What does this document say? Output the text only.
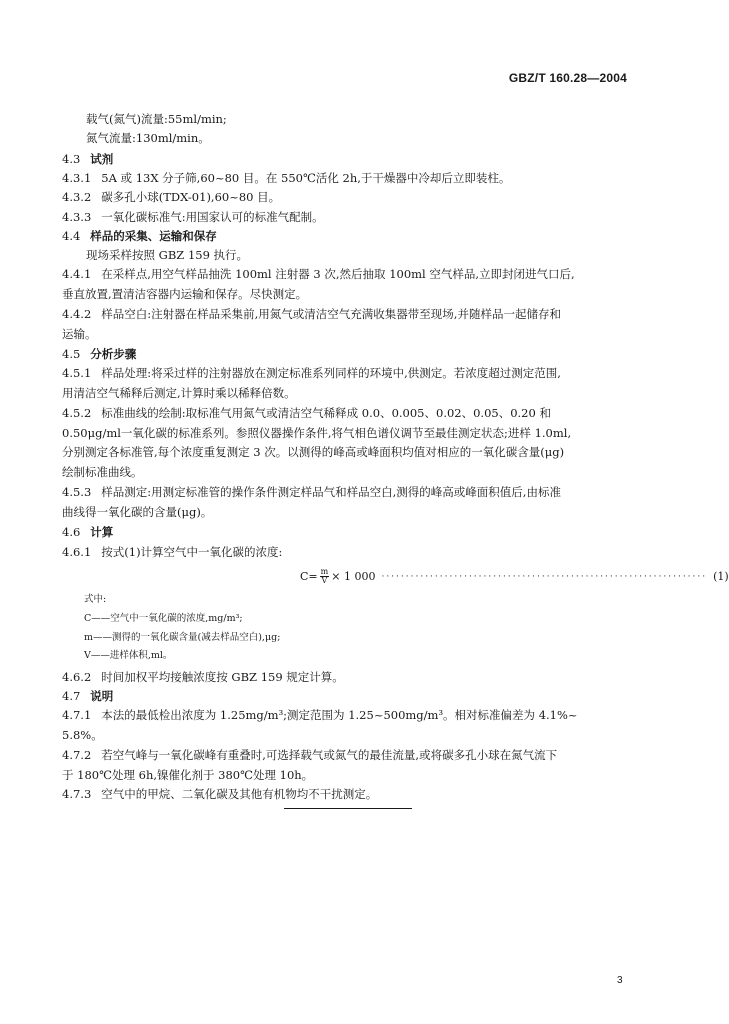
GBZ/T 160.28—2004
载气(氮气)流量:55ml/min;
氮气流量:130ml/min。
4.3 试剂
4.3.1 5A 或 13X 分子筛,60~80 目。在 550℃活化 2h,于干燥器中冷却后立即装柱。
4.3.2 碳多孔小球(TDX-01),60~80 目。
4.3.3 一氧化碳标准气:用国家认可的标准气配制。
4.4 样品的采集、运输和保存
现场采样按照 GBZ 159 执行。
4.4.1 在采样点,用空气样品抽洗 100ml 注射器 3 次,然后抽取 100ml 空气样品,立即封闭进气口后,
垂直放置,置清洁容器内运输和保存。尽快测定。
4.4.2 样品空白:注射器在样品采集前,用氮气或清洁空气充满收集器带至现场,并随样品一起储存和
运输。
4.5 分析步骤
4.5.1 样品处理:将采过样的注射器放在测定标准系列同样的环境中,供测定。若浓度超过测定范围,
用清洁空气稀释后测定,计算时乘以稀释倍数。
4.5.2 标准曲线的绘制:取标准气用氮气或清洁空气稀释成 0.0、0.005、0.02、0.05、0.20 和
0.50μg/ml一氧化碳的标准系列。参照仪器操作条件,将气相色谱仪调节至最佳测定状态;进样 1.0ml,
分别测定各标准管,每个浓度重复测定 3 次。以测得的峰高或峰面积均值对相应的一氧化碳含量(μg)
绘制标准曲线。
4.5.3 样品测定:用测定标准管的操作条件测定样品气和样品空白,测得的峰高或峰面积值后,由标准
曲线得一氧化碳的含量(μg)。
4.6 计算
4.6.1 按式(1)计算空气中一氧化碳的浓度:
$C= \frac{m}{V} \times 1$ 000 ··································································· (1)
式中:
C——空气中一氧化碳的浓度,mg/m³;
m——测得的一氧化碳含量(减去样品空白),μg;
V——进样体积,ml。
4.6.2 时间加权平均接触浓度按 GBZ 159 规定计算。
4.7 说明
4.7.1 本法的最低检出浓度为 1.25mg/m³;测定范围为 1.25~500mg/m³。相对标准偏差为 4.1%~
5.8%。
4.7.2 若空气峰与一氧化碳峰有重叠时,可选择载气或氮气的最佳流量,或将碳多孔小球在氮气流下
于 180℃处理 6h,镍催化剂于 380℃处理 10h。
4.7.3 空气中的甲烷、二氧化碳及其他有机物均不干扰测定。
3
